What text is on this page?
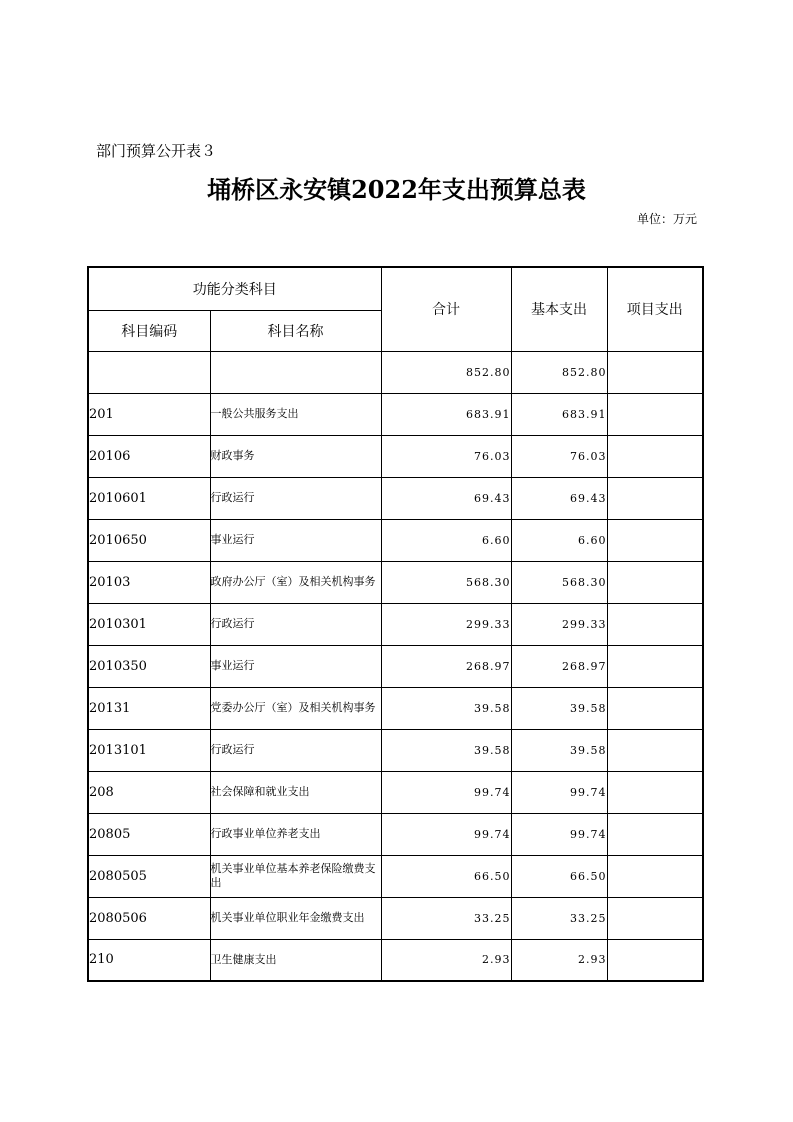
部门预算公开表３
埇桥区永安镇2022年支出预算总表
单位：万元
功能分类科目		合计	基本支出	项目支出
科目编码	科目名称			
		852.80	852.80	
201	一般公共服务支出	683.91	683.91	
20106	财政事务	76.03	76.03	
2010601	行政运行	69.43	69.43	
2010650	事业运行	6.60	6.60	
20103	政府办公厅（室）及相关机构事务	568.30	568.30	
2010301	行政运行	299.33	299.33	
2010350	事业运行	268.97	268.97	
20131	党委办公厅（室）及相关机构事务	39.58	39.58	
2013101	行政运行	39.58	39.58	
208	社会保障和就业支出	99.74	99.74	
20805	行政事业单位养老支出	99.74	99.74	
2080505	机关事业单位基本养老保险缴费支出	66.50	66.50	
2080506	机关事业单位职业年金缴费支出	33.25	33.25	
210	卫生健康支出	2.93	2.93	
